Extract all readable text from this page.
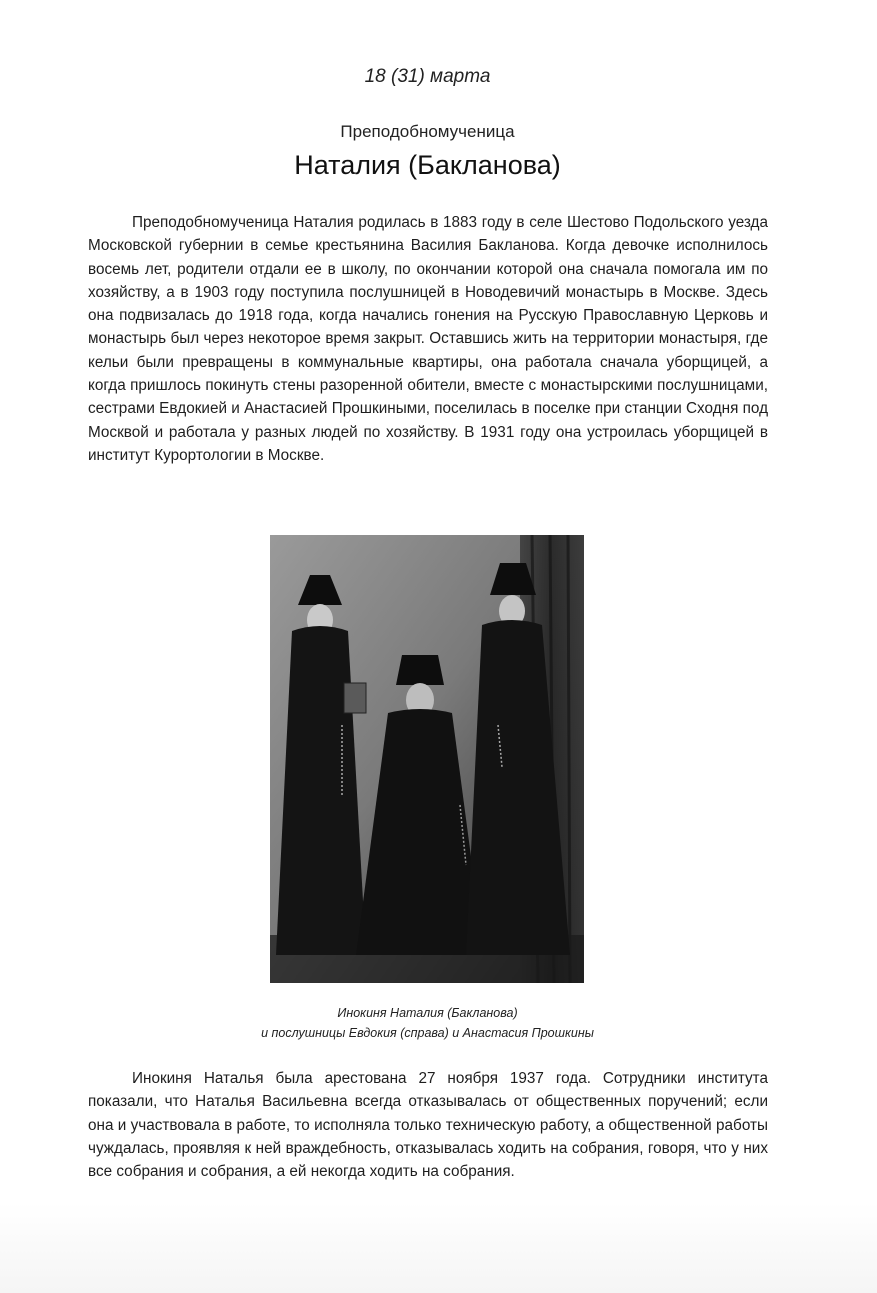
18 (31) марта
Преподобномученица
Наталия (Бакланова)
Преподобномученица Наталия родилась в 1883 году в селе Шестово Подольского уезда Московской губернии в семье крестьянина Василия Бакланова. Когда девочке исполнилось восемь лет, родители отдали ее в школу, по окончании которой она сначала помогала им по хозяйству, а в 1903 году поступила послушницей в Новодевичий монастырь в Москве. Здесь она подвизалась до 1918 года, когда начались гонения на Русскую Православную Церковь и монастырь был через некоторое время закрыт. Оставшись жить на территории монастыря, где кельи были превращены в коммунальные квартиры, она работала сначала уборщицей, а когда пришлось покинуть стены разоренной обители, вместе с монастырскими послушницами, сестрами Евдокией и Анастасией Прошкиными, поселилась в поселке при станции Сходня под Москвой и работала у разных людей по хозяйству. В 1931 году она устроилась уборщицей в институт Курортологии в Москве.
Инокиня Наталия (Бакланова)
и послушницы Евдокия (справа) и Анастасия Прошкины
Инокиня Наталья была арестована 27 ноября 1937 года. Сотрудники института показали, что Наталья Васильевна всегда отказывалась от общественных поручений; если она и участвовала в работе, то исполняла только техническую работу, а общественной работы чуждалась, проявляя к ней враждебность, отказывалась ходить на собрания, говоря, что у них все собрания и собрания, а ей некогда ходить на собрания.
